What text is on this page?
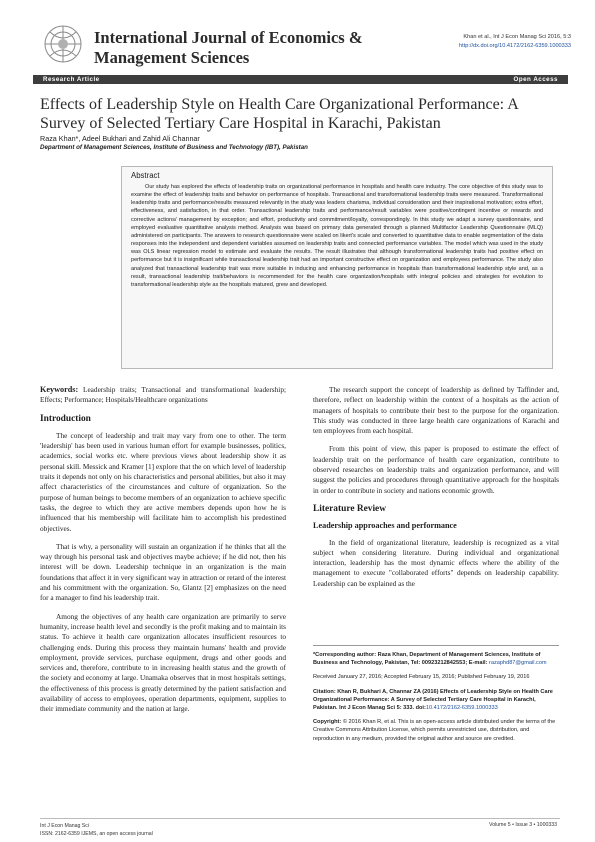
International Journal of Economics & Management Sciences
Khan et al., Int J Econ Manag Sci 2016, 5:3
http://dx.doi.org/10.4172/2162-6359.1000333
Research Article	Open Access
Effects of Leadership Style on Health Care Organizational Performance: A Survey of Selected Tertiary Care Hospital in Karachi, Pakistan
Raza Khan*, Adeel Bukhari and Zahid Ali Channar
Department of Management Sciences, Institute of Business and Technology (IBT), Pakistan
Abstract

Our study has explored the effects of leadership traits on organizational performance in hospitals and health care industry. The core objective of this study was to examine the effect of leadership traits and behavior on performance of hospitals. Transactional and transformational leadership traits were measured. Transformational leadership traits and performance/results measured relevantly in the study was leaders charisma, individual consideration and their inspirational motivation; extra effort, effectiveness, and satisfaction, in that order. Transactional leadership traits and performance/result variables were positive/contingent incentive or rewards and corrective actions/ management by exception; and effort, productivity and commitment/loyalty, correspondingly. In this study we adapt a survey questionnaire, and employed evaluative quantitative analysis method. Analysis was based on primary data generated through a planned Multifactor Leadership Questionnaire (MLQ) administered on participants. The answers to research questionnaire were scaled on likert's scale and converted to quantitative data to enable segmentation of the data responses into the independent and dependent variables assumed on leadership traits and connected performance variables. The model which was used in the study was OLS linear regression model to estimate and evaluate the results. The result illustrates that although transformational leadership traits had positive effect on performance but it is insignificant while transactional leadership trait had an important constructive effect on organization and employees performance. The study also analyzed that transactional leadership trait was more suitable in inducing and enhancing performance in hospitals than transformational leadership style and, as a result, transactional leadership trait/behaviors is recommended for the health care organization/hospitals with integral policies and strategies for evolution to transformational leadership style as the hospitals matured, grew and developed.

Keywords: Leadership traits; Transactional and transformational leadership; Effects; Performance; Hospitals/Healthcare organizations

Introduction

The concept of leadership and trait may vary from one to other. The term 'leadership' has been used in various human effort for example businesses, politics, academics, social works etc. where previous views about leadership show it as personal skill. Messick and Kramer [1] explore that the on which level of leadership traits it depends not only on his characteristics and personal abilities, but also it may affect characteristics of the circumstances and culture of organization. So the purpose of human beings to become members of an organization to achieve specific tasks, the degree to which they are active members depends upon how he is influenced that his membership will facilitate him to accomplish his predestined objectives.

That is why, a personality will sustain an organization if he thinks that all the way through his personal task and objectives maybe achieve; if he did not, then his interest will be down. Leadership technique in an organization is the main foundations that affect it in very significant way in attraction or retard of the interest and his commitment with the organization. So, Glantz [2] emphasizes on the need for a manager to find his leadership trait.

Among the objectives of any health care organization are primarily to serve humanity, increase health level and secondly is the profit making and to maintain its status. To achieve it health care organization allocates insufficient resources to challenging ends. During this process they maintain humans' health and provide employment, provide services, purchase equipment, drugs and other goods and services and, therefore, contribute to in increasing health status and the growth of the society and economy at large. Unamaka observes that in most hospitals settings, the effectiveness of this process is greatly determined by the patient satisfaction and availability of access to employees, operation departments, equipment, supplies to their immediate community and the nation at large.

The research support the concept of leadership as defined by Taffinder and, therefore, reflect on leadership within the context of a hospitals as the action of managers of hospitals to contribute their best to the purpose for the organization. This study was conducted in three large health care organizations of Karachi and ten employees from each hospital.

From this point of view, this paper is proposed to estimate the effect of leadership trait on the performance of health care organization, contribute to observed researches on leadership traits and organization performance, and will suggest the policies and procedures through quantitative approach for the hospitals in order to contribute in society and nations economic growth.

Literature Review
Leadership approaches and performance

In the field of organizational literature, leadership is recognized as a vital subject when considering literature. During individual and organizational interaction, leadership has the most dynamic effects where the ability of the management to execute "collaborated efforts" depends on leadership capability. Leadership can be explained as the

*Corresponding author: Raza Khan, Department of Management Sciences, Institute of Business and Technology, Pakistan, Tel: 00923212842553; E-mail: razaphd87@gmail.com

Received January 27, 2016; Accepted February 15, 2016; Published February 19, 2016

Citation: Khan R, Bukhari A, Channar ZA (2016) Effects of Leadership Style on Health Care Organizational Performance: A Survey of Selected Tertiary Care Hospital in Karachi, Pakistan. Int J Econ Manag Sci 5: 333. doi:10.4172/2162-6359.1000333

Copyright: © 2016 Khan R, et al. This is an open-access article distributed under the terms of the Creative Commons Attribution License, which permits unrestricted use, distribution, and reproduction in any medium, provided the original author and source are credited.

Int J Econ Manag Sci
ISSN: 2162-6359 IJEMS, an open access journal
Volume 5 • Issue 3 • 1000333
